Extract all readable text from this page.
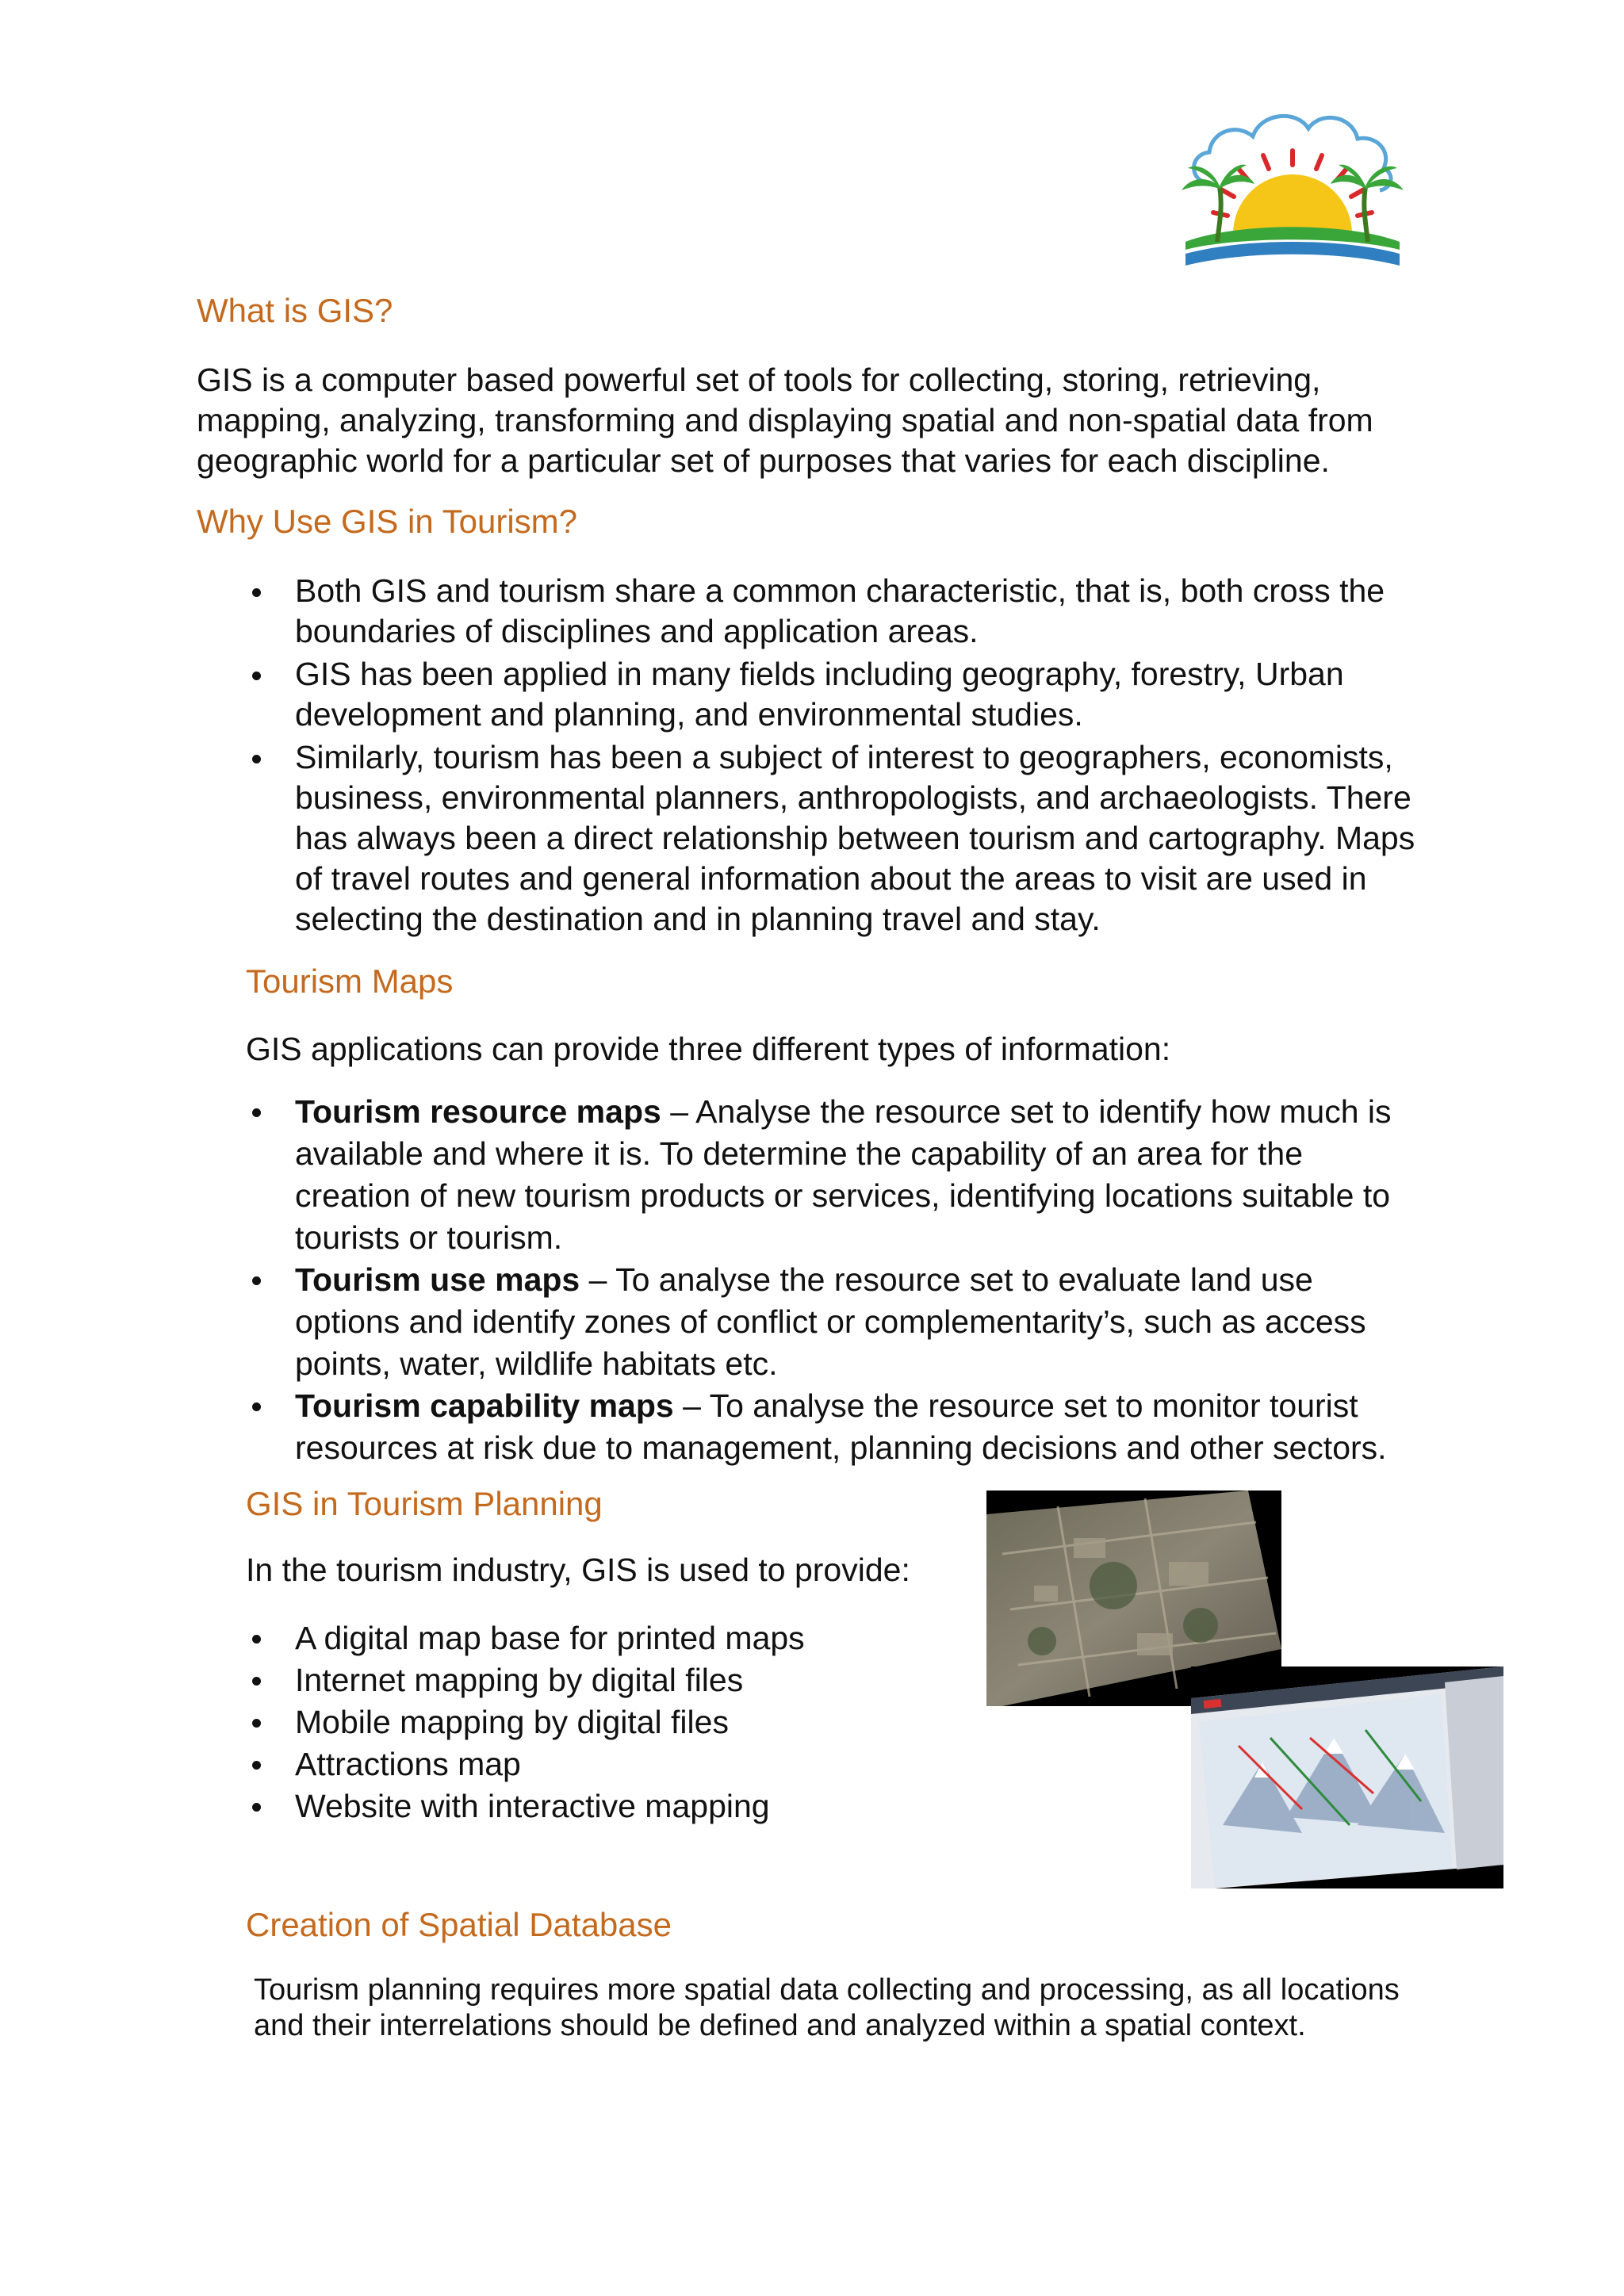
What is GIS?
GIS is a computer based powerful set of tools for collecting, storing, retrieving,
mapping, analyzing, transforming and displaying spatial and non-spatial data from
geographic world for a particular set of purposes that varies for each discipline.
Why Use GIS in Tourism?
Both GIS and tourism share a common characteristic, that is, both cross the
boundaries of disciplines and application areas.
GIS has been applied in many fields including geography, forestry, Urban
development and planning, and environmental studies.
Similarly, tourism has been a subject of interest to geographers, economists,
business, environmental planners, anthropologists, and archaeologists. There
has always been a direct relationship between tourism and cartography. Maps
of travel routes and general information about the areas to visit are used in
selecting the destination and in planning travel and stay.
Tourism Maps
GIS applications can provide three different types of information:
Tourism resource maps – Analyse the resource set to identify how much is
available and where it is. To determine the capability of an area for the
creation of new tourism products or services, identifying locations suitable to
tourists or tourism.
Tourism use maps – To analyse the resource set to evaluate land use
options and identify zones of conflict or complementarity’s, such as access
points, water, wildlife habitats etc.
Tourism capability maps – To analyse the resource set to monitor tourist
resources at risk due to management, planning decisions and other sectors.
GIS in Tourism Planning
In the tourism industry, GIS is used to provide:
A digital map base for printed maps
Internet mapping by digital files
Mobile mapping by digital files
Attractions map
Website with interactive mapping
Creation of Spatial Database
Tourism planning requires more spatial data collecting and processing, as all locations
and their interrelations should be defined and analyzed within a spatial context.
